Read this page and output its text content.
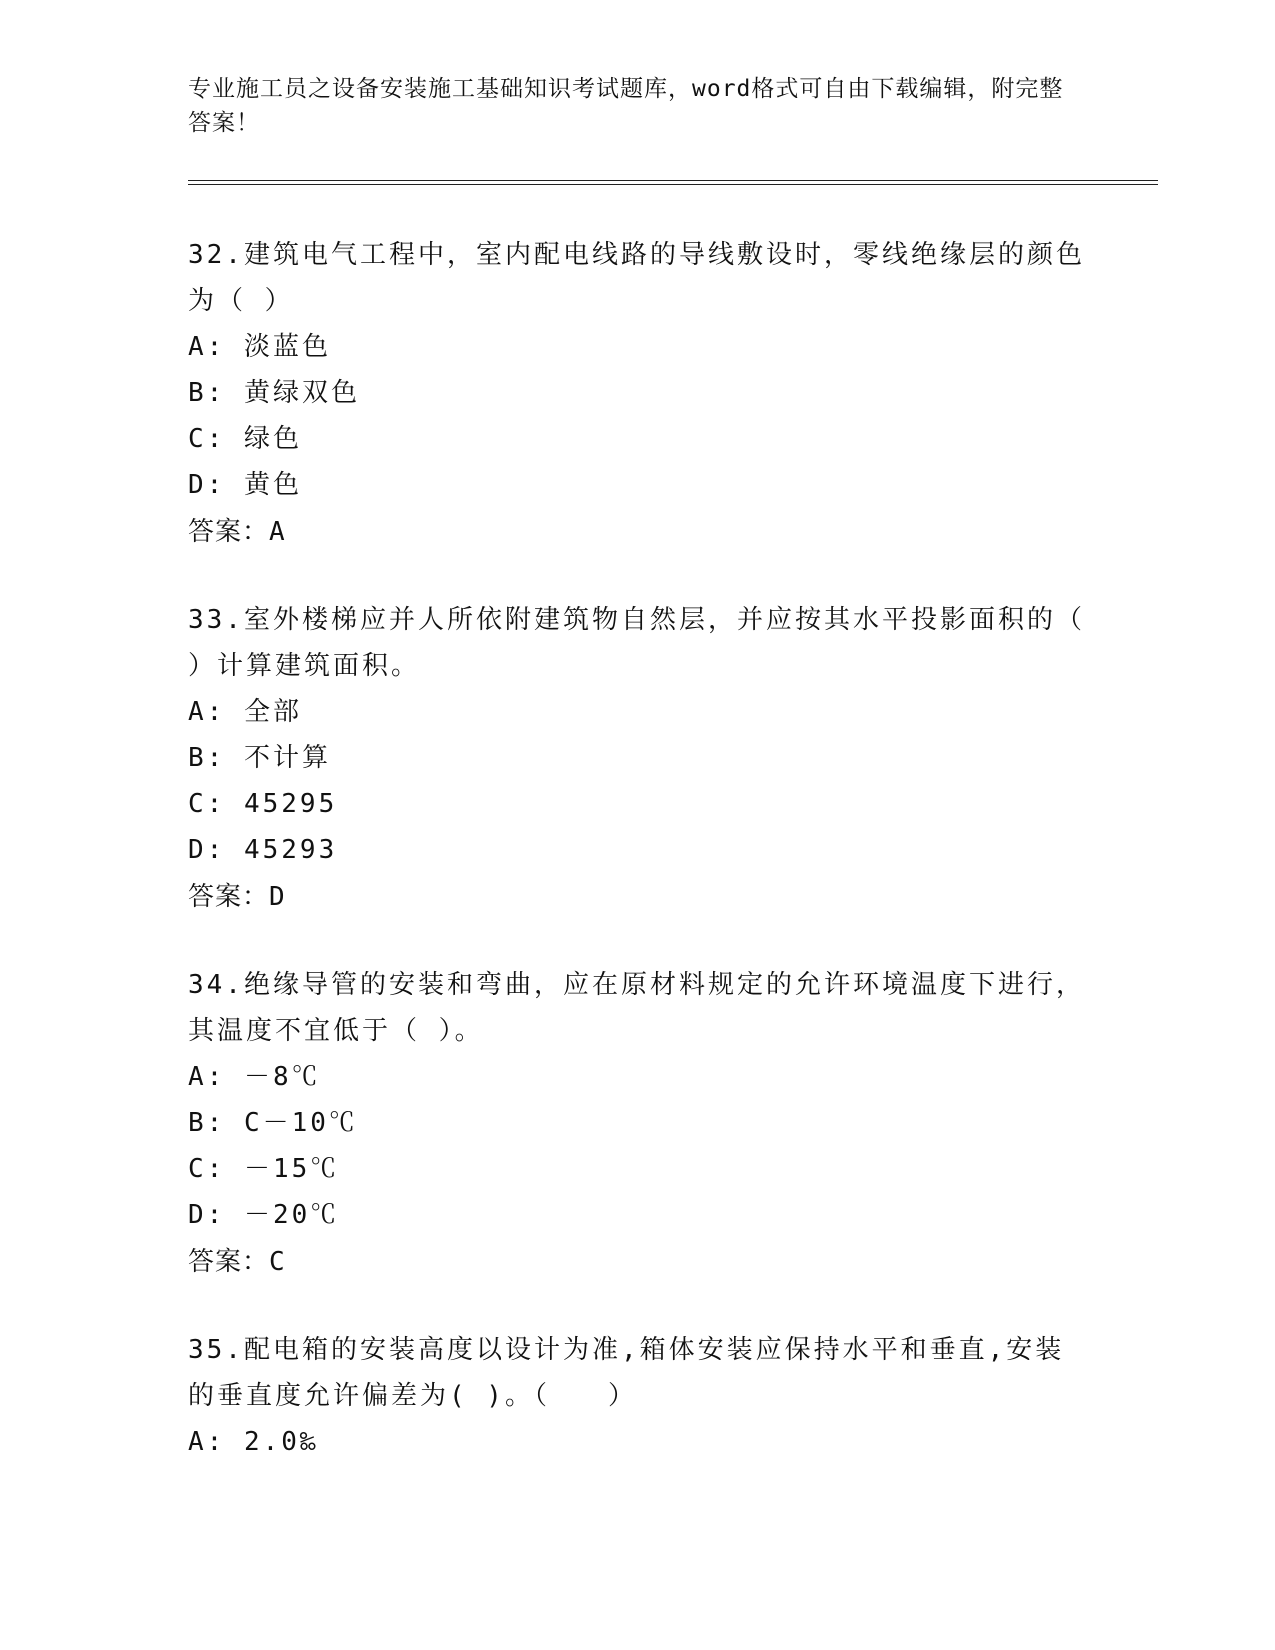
专业施工员之设备安装施工基础知识考试题库，word格式可自由下载编辑，附完整答案！
32.建筑电气工程中，室内配电线路的导线敷设时，零线绝缘层的颜色为（ ）
A: 淡蓝色
B: 黄绿双色
C: 绿色
D: 黄色
答案：A
33.室外楼梯应并人所依附建筑物自然层，并应按其水平投影面积的（ ）计算建筑面积。
A: 全部
B: 不计算
C: 45295
D: 45293
答案：D
34.绝缘导管的安装和弯曲，应在原材料规定的允许环境温度下进行，其温度不宜低于（ ）。
A: －8℃
B: C－10℃
C: －15℃
D: －20℃
答案：C
35.配电箱的安装高度以设计为准,箱体安装应保持水平和垂直,安装的垂直度允许偏差为( )。（　　）
A: 2.0‰
